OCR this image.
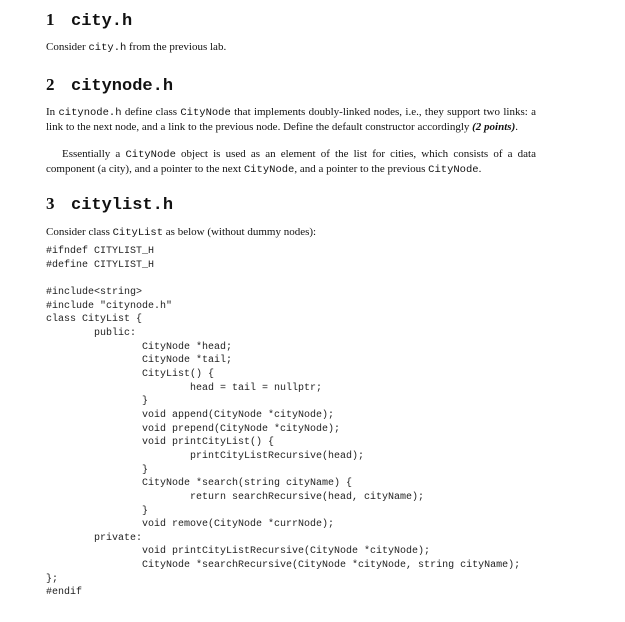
1 city.h
Consider city.h from the previous lab.
2 citynode.h
In citynode.h define class CityNode that implements doubly-linked nodes, i.e., they support two links: a link to the next node, and a link to the previous node. Define the default constructor accordingly (2 points).
Essentially a CityNode object is used as an element of the list for cities, which consists of a data component (a city), and a pointer to the next CityNode, and a pointer to the previous CityNode.
3 citylist.h
Consider class CityList as below (without dummy nodes):
#ifndef CITYLIST_H
#define CITYLIST_H
#include<string>
#include "citynode.h"
class CityList {
public:
CityNode *head;
CityNode *tail;
CityList() {
head = tail = nullptr;
}
void append(CityNode *cityNode);
void prepend(CityNode *cityNode);
void printCityList() {
printCityListRecursive(head);
}
CityNode *search(string cityName) {
return searchRecursive(head, cityName);
}
void remove(CityNode *currNode);
private:
void printCityListRecursive(CityNode *cityNode);
CityNode *searchRecursive(CityNode *cityNode, string cityName);
};
#endif
